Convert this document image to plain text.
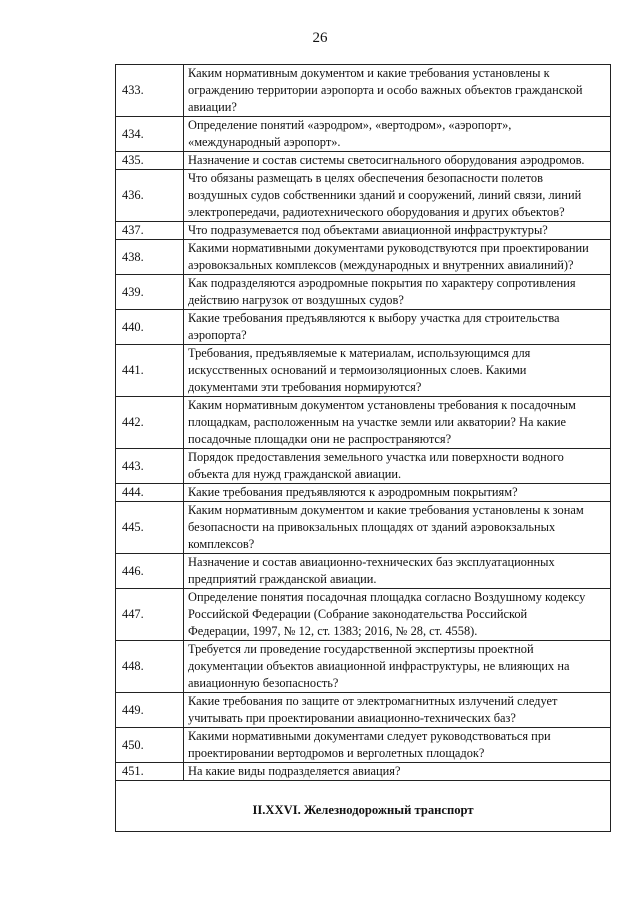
26
433.	Каким нормативным документом и какие требования установлены к
ограждению территории аэропорта и особо важных объектов гражданской
авиации?

434.	Определение понятий «аэродром», «вертодром», «аэропорт»,
«международный аэропорт».

435.	Назначение и состав системы светосигнального оборудования аэродромов.

436.	Что обязаны размещать в целях обеспечения безопасности полетов
воздушных судов собственники зданий и сооружений, линий связи, линий
электропередачи, радиотехнического оборудования и других объектов?

437.	Что подразумевается под объектами авиационной инфраструктуры?

438.	Какими нормативными документами руководствуются при проектировании
аэровокзальных комплексов (международных и внутренних авиалиний)?

439.	Как подразделяются аэродромные покрытия по характеру сопротивления
действию нагрузок от воздушных судов?

440.	Какие требования предъявляются к выбору участка для строительства
аэропорта?

441.	Требования, предъявляемые к материалам, использующимся для
искусственных оснований и термоизоляционных слоев. Какими
документами эти требования нормируются?

442.	Каким нормативным документом установлены требования к посадочным
площадкам, расположенным на участке земли или акватории? На какие
посадочные площадки они не распространяются?

443.	Порядок предоставления земельного участка или поверхности водного
объекта для нужд гражданской авиации.

444.	Какие требования предъявляются к аэродромным покрытиям?

445.	Каким нормативным документом и какие требования установлены к зонам
безопасности на привокзальных площадях от зданий аэровокзальных
комплексов?

446.	Назначение и состав авиационно-технических баз эксплуатационных
предприятий гражданской авиации.

447.	Определение понятия посадочная площадка согласно Воздушному кодексу
Российской Федерации (Собрание законодательства Российской
Федерации, 1997, № 12, ст. 1383; 2016, № 28, ст. 4558).

448.	Требуется ли проведение государственной экспертизы проектной
документации объектов авиационной инфраструктуры, не влияющих на
авиационную безопасность?

449.	Какие требования по защите от электромагнитных излучений следует
учитывать при проектировании авиационно-технических баз?

450.	Какими нормативными документами следует руководствоваться при
проектировании вертодромов и верголетных площадок?

451.	На какие виды подразделяется авиация?

II.XXVI. Железнодорожный транспорт	
